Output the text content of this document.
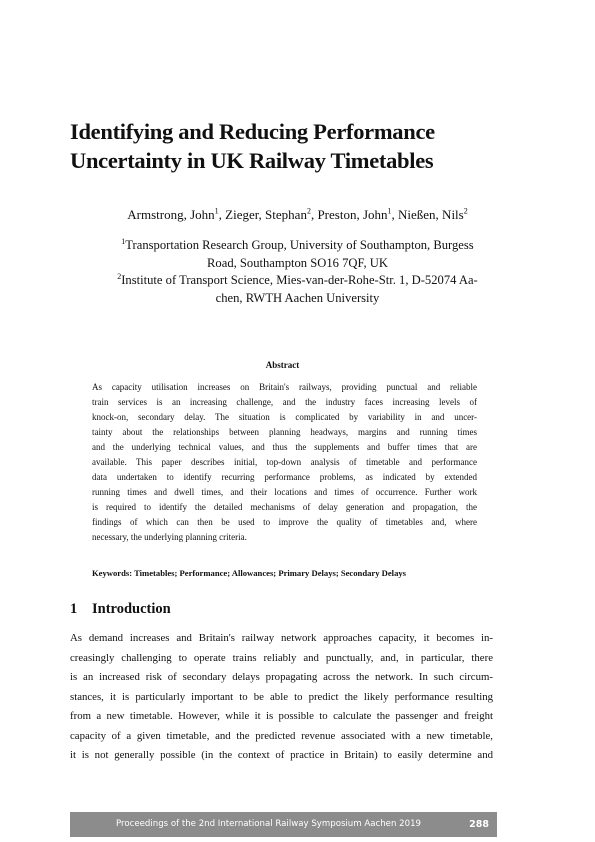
Identifying and Reducing Performance
Uncertainty in UK Railway Timetables
Armstrong, John$^1$, Zieger, Stephan$^2$, Preston, John$^1$, Nießen, Nils$^2$
$^1$Transportation Research Group, University of Southampton, Burgess
Road, Southampton SO16 7QF, UK
$^2$Institute of Transport Science, Mies-van-der-Rohe-Str. 1, D-52074 Aa-
chen, RWTH Aachen University
Abstract
As capacity utilisation increases on Britain's railways, providing punctual and reliable
train services is an increasing challenge, and the industry faces increasing levels of
knock-on, secondary delay. The situation is complicated by variability in and uncer-
tainty about the relationships between planning headways, margins and running times
and the underlying technical values, and thus the supplements and buffer times that are
available. This paper describes initial, top-down analysis of timetable and performance
data undertaken to identify recurring performance problems, as indicated by extended
running times and dwell times, and their locations and times of occurrence. Further work
is required to identify the detailed mechanisms of delay generation and propagation, the
findings of which can then be used to improve the quality of timetables and, where
necessary, the underlying planning criteria.
Keywords: Timetables; Performance; Allowances; Primary Delays; Secondary Delays
1 Introduction
As demand increases and Britain's railway network approaches capacity, it becomes in-
creasingly challenging to operate trains reliably and punctually, and, in particular, there
is an increased risk of secondary delays propagating across the network. In such circum-
stances, it is particularly important to be able to predict the likely performance resulting
from a new timetable. However, while it is possible to calculate the passenger and freight
capacity of a given timetable, and the predicted revenue associated with a new timetable,
it is not generally possible (in the context of practice in Britain) to easily determine and
Proceedings of the 2nd International Railway Symposium Aachen 2019	288
